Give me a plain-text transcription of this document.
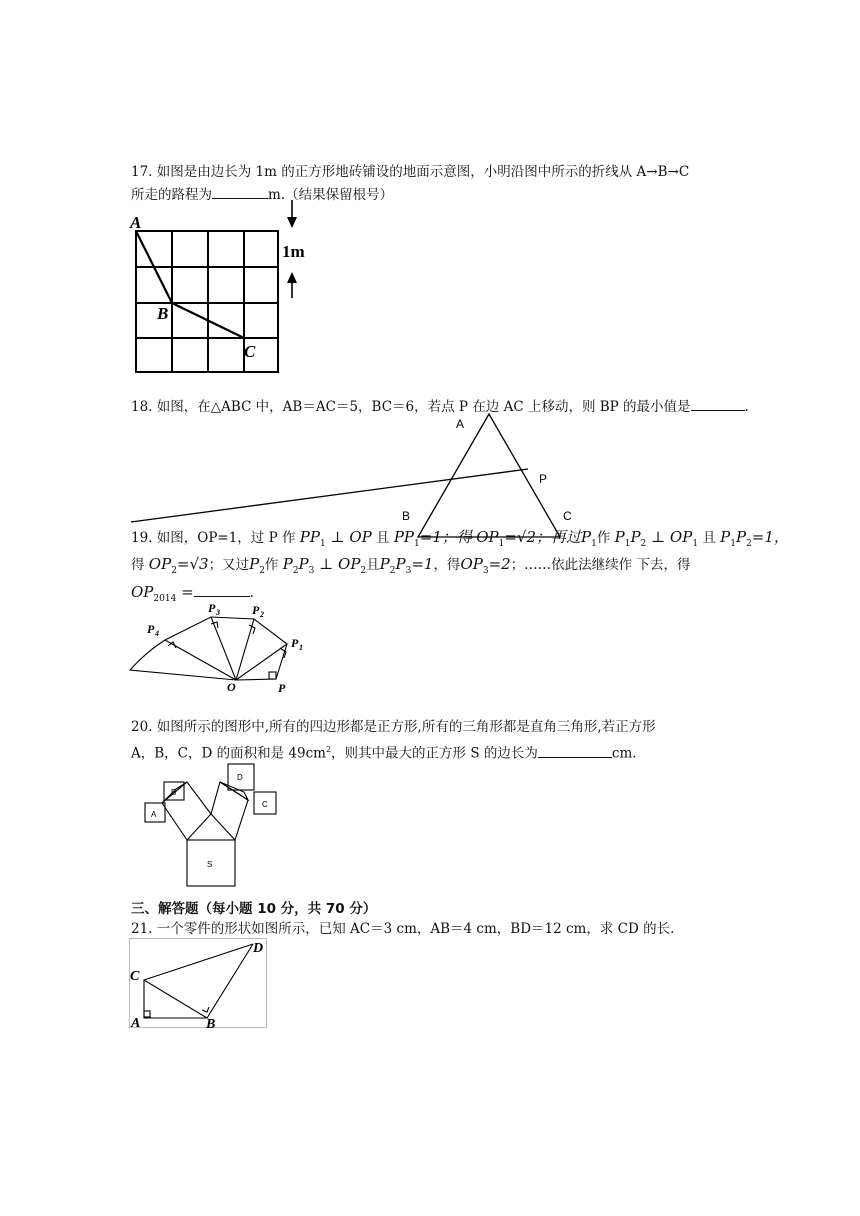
17. 如图是由边长为 1m 的正方形地砖铺设的地面示意图，小明沿图中所示的折线从 A→B→C
所走的路程为	m.（结果保留根号）
A
B
C
1m
18. 如图，在△ABC 中，AB＝AC＝5，BC＝6，若点 P 在边 AC 上移动，则 BP 的最小值是	.
A
B	C
P
19. 如图，OP=1，过 P 作 $PP_1$ ⊥ OP 且 $PP_1=1$；得 $OP_1=√2$；再过$P_1$作 $P_1P_2$ ⊥ $OP_1$ 且 $P_1P_2=1$，
得 $OP_2=√3$；又过$P_2$作 $P_2P_3$ ⊥ $OP_2$且$P_2P_3=1$，得$OP_3=2$；……依此法继续作 下去，得
$OP_{2014}$ =	.
O	P
P 1
P 2
P 3
P 4
20. 如图所示的图形中,所有的四边形都是正方形,所有的三角形都是直角三角形,若正方形
A，B，C，D 的面积和是 $49cm^2$，则其中最大的正方形 S 的边长为	cm.
A
B
C
D
S
三、解答题（每小题 10 分，共 70 分）
21. 一个零件的形状如图所示，已知 AC＝3 cm，AB＝4 cm，BD＝12 cm，求 CD 的长.
A	B
C
D
